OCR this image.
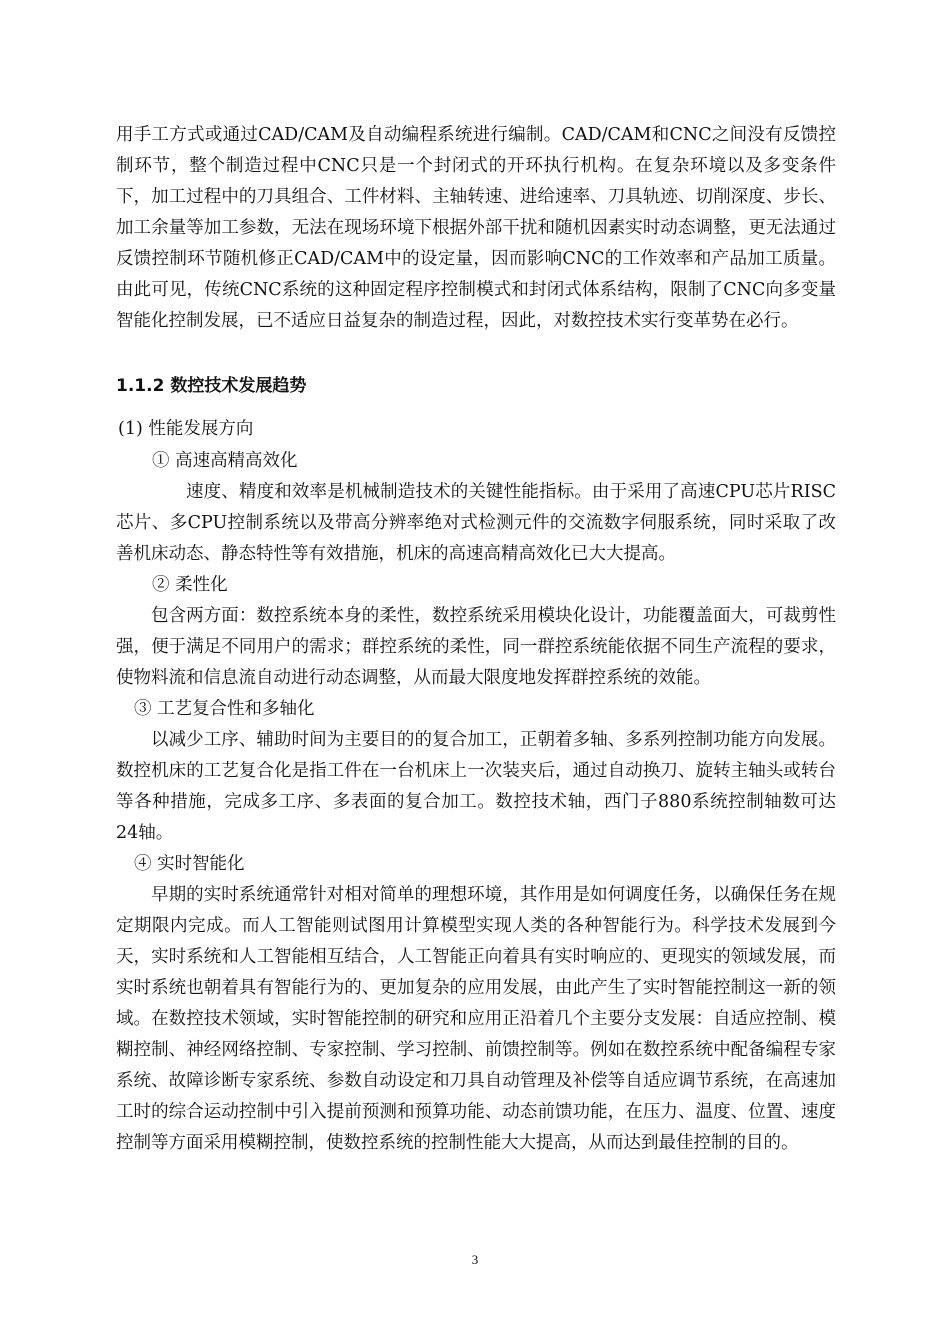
用手工方式或通过CAD/CAM及自动编程系统进行编制。CAD/CAM和CNC之间没有反馈控制环节，整个制造过程中CNC只是一个封闭式的开环执行机构。在复杂环境以及多变条件下，加工过程中的刀具组合、工件材料、主轴转速、进给速率、刀具轨迹、切削深度、步长、加工余量等加工参数，无法在现场环境下根据外部干扰和随机因素实时动态调整，更无法通过反馈控制环节随机修正CAD/CAM中的设定量，因而影响CNC的工作效率和产品加工质量。由此可见，传统CNC系统的这种固定程序控制模式和封闭式体系结构，限制了CNC向多变量智能化控制发展，已不适应日益复杂的制造过程，因此，对数控技术实行变革势在必行。

1.1.2 数控技术发展趋势

(1) 性能发展方向

① 高速高精高效化

速度、精度和效率是机械制造技术的关键性能指标。由于采用了高速CPU芯片RISC芯片、多CPU控制系统以及带高分辨率绝对式检测元件的交流数字伺服系统，同时采取了改善机床动态、静态特性等有效措施，机床的高速高精高效化已大大提高。

② 柔性化

包含两方面：数控系统本身的柔性，数控系统采用模块化设计，功能覆盖面大，可裁剪性强，便于满足不同用户的需求；群控系统的柔性，同一群控系统能依据不同生产流程的要求，使物料流和信息流自动进行动态调整，从而最大限度地发挥群控系统的效能。

③ 工艺复合性和多轴化

以减少工序、辅助时间为主要目的的复合加工，正朝着多轴、多系列控制功能方向发展。数控机床的工艺复合化是指工件在一台机床上一次装夹后，通过自动换刀、旋转主轴头或转台等各种措施，完成多工序、多表面的复合加工。数控技术轴，西门子880系统控制轴数可达24轴。

④ 实时智能化

早期的实时系统通常针对相对简单的理想环境，其作用是如何调度任务，以确保任务在规定期限内完成。而人工智能则试图用计算模型实现人类的各种智能行为。科学技术发展到今天，实时系统和人工智能相互结合，人工智能正向着具有实时响应的、更现实的领域发展，而实时系统也朝着具有智能行为的、更加复杂的应用发展，由此产生了实时智能控制这一新的领域。在数控技术领域，实时智能控制的研究和应用正沿着几个主要分支发展：自适应控制、模糊控制、神经网络控制、专家控制、学习控制、前馈控制等。例如在数控系统中配备编程专家系统、故障诊断专家系统、参数自动设定和刀具自动管理及补偿等自适应调节系统，在高速加工时的综合运动控制中引入提前预测和预算功能、动态前馈功能，在压力、温度、位置、速度控制等方面采用模糊控制，使数控系统的控制性能大大提高，从而达到最佳控制的目的。

3
